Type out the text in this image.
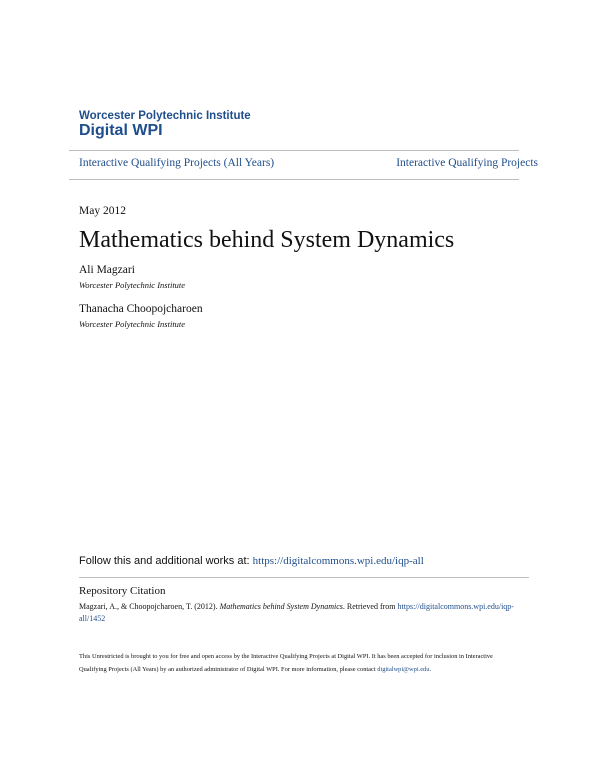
Worcester Polytechnic Institute
Digital WPI
Interactive Qualifying Projects (All Years)	Interactive Qualifying Projects
May 2012
Mathematics behind System Dynamics
Ali Magzari
Worcester Polytechnic Institute
Thanacha Choopojcharoen
Worcester Polytechnic Institute
Follow this and additional works at: https://digitalcommons.wpi.edu/iqp-all
Repository Citation
Magzari, A., & Choopojcharoen, T. (2012). Mathematics behind System Dynamics. Retrieved from https://digitalcommons.wpi.edu/iqp-all/1452
This Unrestricted is brought to you for free and open access by the Interactive Qualifying Projects at Digital WPI. It has been accepted for inclusion in Interactive Qualifying Projects (All Years) by an authorized administrator of Digital WPI. For more information, please contact digitalwpi@wpi.edu.
